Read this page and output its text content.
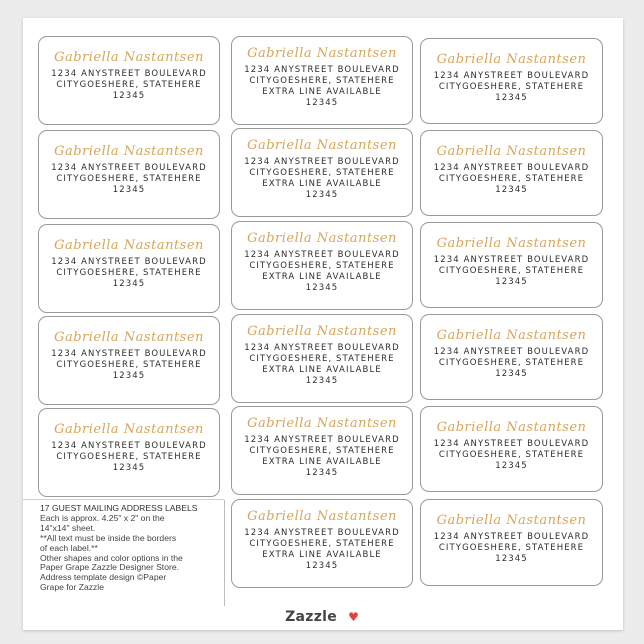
Gabriella Nastantsen
1234 ANYSTREET BOULEVARD
CITYGOESHERE, STATEHERE
12345
Gabriella Nastantsen
1234 ANYSTREET BOULEVARD
CITYGOESHERE, STATEHERE
12345
Gabriella Nastantsen
1234 ANYSTREET BOULEVARD
CITYGOESHERE, STATEHERE
12345
Gabriella Nastantsen
1234 ANYSTREET BOULEVARD
CITYGOESHERE, STATEHERE
12345
Gabriella Nastantsen
1234 ANYSTREET BOULEVARD
CITYGOESHERE, STATEHERE
12345
Gabriella Nastantsen
1234 ANYSTREET BOULEVARD
CITYGOESHERE, STATEHERE
EXTRA LINE AVAILABLE
12345
Gabriella Nastantsen
1234 ANYSTREET BOULEVARD
CITYGOESHERE, STATEHERE
EXTRA LINE AVAILABLE
12345
Gabriella Nastantsen
1234 ANYSTREET BOULEVARD
CITYGOESHERE, STATEHERE
EXTRA LINE AVAILABLE
12345
Gabriella Nastantsen
1234 ANYSTREET BOULEVARD
CITYGOESHERE, STATEHERE
EXTRA LINE AVAILABLE
12345
Gabriella Nastantsen
1234 ANYSTREET BOULEVARD
CITYGOESHERE, STATEHERE
EXTRA LINE AVAILABLE
12345
Gabriella Nastantsen
1234 ANYSTREET BOULEVARD
CITYGOESHERE, STATEHERE
EXTRA LINE AVAILABLE
12345
Gabriella Nastantsen
1234 ANYSTREET BOULEVARD
CITYGOESHERE, STATEHERE
12345
Gabriella Nastantsen
1234 ANYSTREET BOULEVARD
CITYGOESHERE, STATEHERE
12345
Gabriella Nastantsen
1234 ANYSTREET BOULEVARD
CITYGOESHERE, STATEHERE
12345
Gabriella Nastantsen
1234 ANYSTREET BOULEVARD
CITYGOESHERE, STATEHERE
12345
Gabriella Nastantsen
1234 ANYSTREET BOULEVARD
CITYGOESHERE, STATEHERE
12345
Gabriella Nastantsen
1234 ANYSTREET BOULEVARD
CITYGOESHERE, STATEHERE
12345
17 GUEST MAILING ADDRESS LABELS
Each is approx. 4.25" x 2" on the
14"x14" sheet.
**All text must be inside the borders
of each label.**
Other shapes and color options in the
Paper Grape Zazzle Designer Store.
Address template design ©Paper
Grape for Zazzle
Zazzle ♥
